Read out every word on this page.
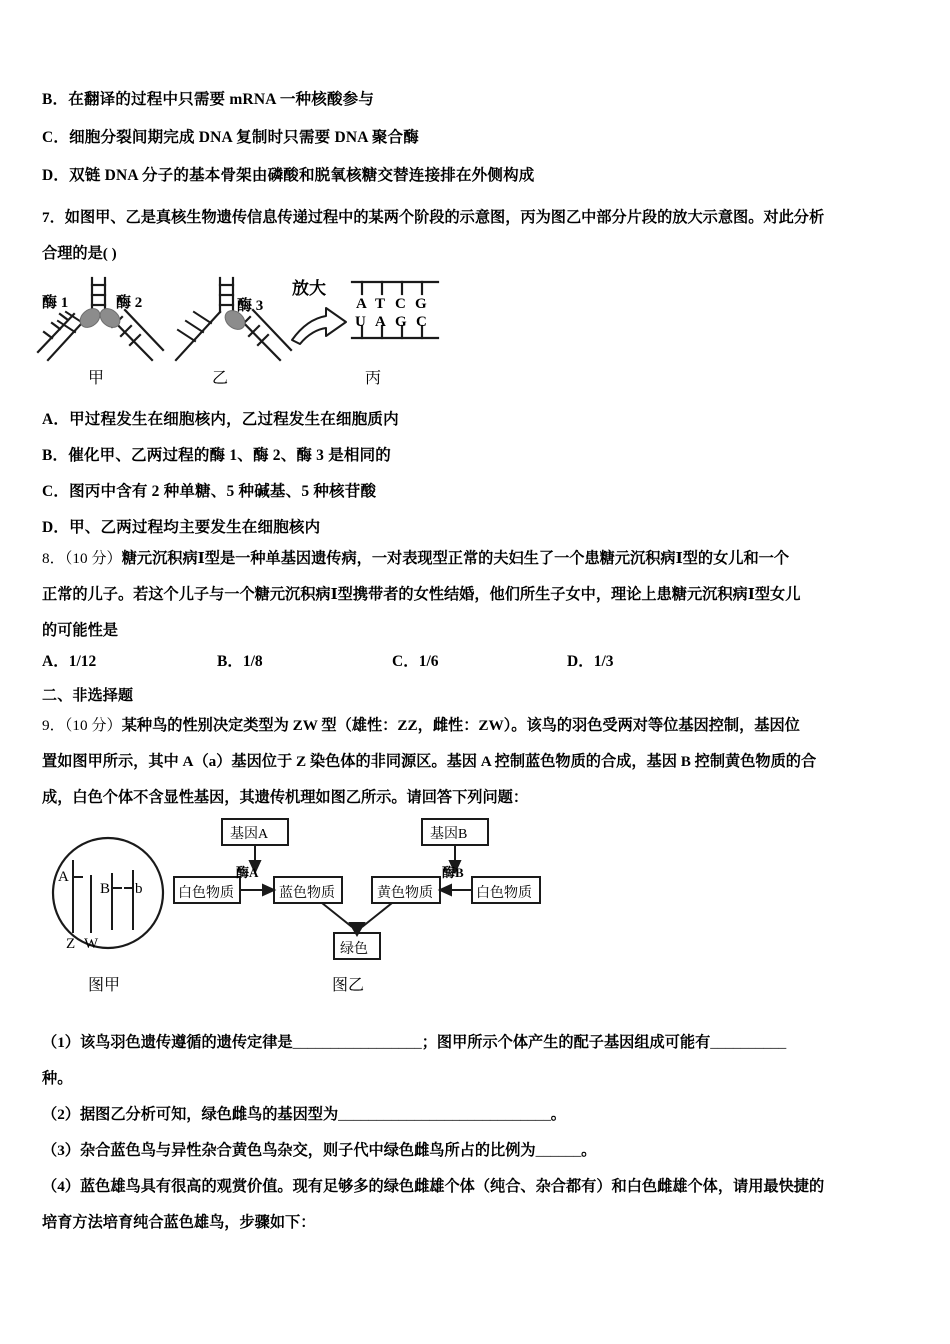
B．在翻译的过程中只需要 mRNA 一种核酸参与
C．细胞分裂间期完成 DNA 复制时只需要 DNA 聚合酶
D．双链 DNA 分子的基本骨架由磷酸和脱氧核糖交替连接排在外侧构成
7．如图甲、乙是真核生物遗传信息传递过程中的某两个阶段的示意图，丙为图乙中部分片段的放大示意图。对此分析
合理的是( )
酶 1	酶 2	酶 3
放大
A T C G
U A G C
甲	乙	丙
A．甲过程发生在细胞核内，乙过程发生在细胞质内
B．催化甲、乙两过程的酶 1、酶 2、酶 3 是相同的
C．图丙中含有 2 种单糖、5 种碱基、5 种核苷酸
D．甲、乙两过程均主要发生在细胞核内
8．（10 分）糖元沉积病Ⅰ型是一种单基因遗传病，一对表现型正常的夫妇生了一个患糖元沉积病Ⅰ型的女儿和一个
正常的儿子。若这个儿子与一个糖元沉积病Ⅰ型携带者的女性结婚，他们所生子女中，理论上患糖元沉积病Ⅰ型女儿
的可能性是
A．1/12	B．1/8	C．1/6	D．1/3
二、非选择题
9．（10 分）某种鸟的性别决定类型为 ZW 型（雄性：ZZ，雌性：ZW）。该鸟的羽色受两对等位基因控制，基因位
置如图甲所示，其中 A（a）基因位于 Z 染色体的非同源区。基因 A 控制蓝色物质的合成，基因 B 控制黄色物质的合
成，白色个体不含显性基因，其遗传机理如图乙所示。请回答下列问题：
A
B b
Z W
基因A	基因B
白色物质	蓝色物质	黄色物质	白色物质
绿色
酶A	酶B
图甲	图乙
（1）该鸟羽色遗传遵循的遗传定律是_________________；图甲所示个体产生的配子基因组成可能有__________
种。
（2）据图乙分析可知，绿色雌鸟的基因型为____________________________。
（3）杂合蓝色鸟与异性杂合黄色鸟杂交，则子代中绿色雌鸟所占的比例为______。
（4）蓝色雄鸟具有很高的观赏价值。现有足够多的绿色雌雄个体（纯合、杂合都有）和白色雌雄个体，请用最快捷的
培育方法培育纯合蓝色雄鸟，步骤如下：
